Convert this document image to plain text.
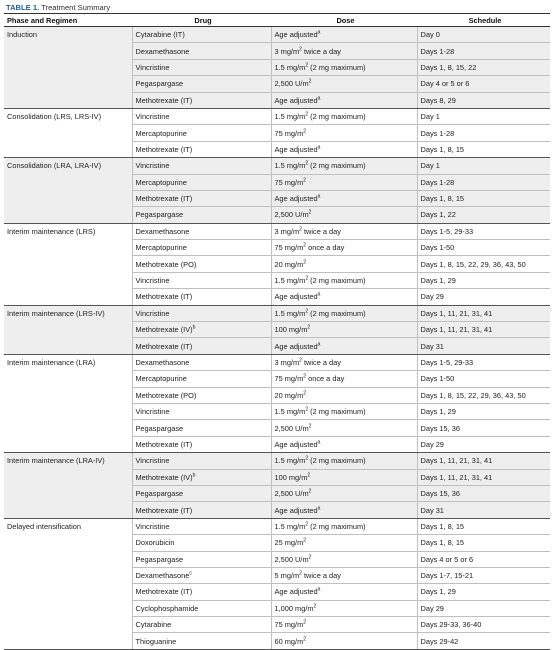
TABLE 1. Treatment Summary
Phase and Regimen	Drug	Dose	Schedule
Induction	Cytarabine (IT)	Age adjusted$^a$	Day 0
	Dexamethasone	3 $mg/m^2$ twice a day	Days 1-28
	Vincristine	1.5 $mg/m^2$ (2 mg maximum)	Days 1, 8, 15, 22
	Pegaspargase	2,500 $U/m^2$	Day 4 or 5 or 6
	Methotrexate (IT)	Age adjusted$^a$	Days 8, 29
Consolidation (LRS, LRS-IV)	Vincristine	1.5 $mg/m^2$ (2 mg maximum)	Day 1
	Mercaptopurine	75 $mg/m^2$	Days 1-28
	Methotrexate (IT)	Age adjusted$^a$	Days 1, 8, 15
Consolidation (LRA, LRA-IV)	Vincristine	1.5 $mg/m^2$ (2 mg maximum)	Day 1
	Mercaptopurine	75 $mg/m^2$	Days 1-28
	Methotrexate (IT)	Age adjusted$^a$	Days 1, 8, 15
	Pegaspargase	2,500 $U/m^2$	Days 1, 22
Interim maintenance (LRS)	Dexamethasone	3 $mg/m^2$ twice a day	Days 1-5, 29-33
	Mercaptopurine	75 $mg/m^2$ once a day	Days 1-50
	Methotrexate (PO)	20 $mg/m^2$	Days 1, 8, 15, 22, 29, 36, 43, 50
	Vincristine	1.5 $mg/m^2$ (2 mg maximum)	Days 1, 29
	Methotrexate (IT)	Age adjusted$^a$	Day 29
Interim maintenance (LRS-IV)	Vincristine	1.5 $mg/m^2$ (2 mg maximum)	Days 1, 11, 21, 31, 41
	Methotrexate (IV)$^b$	100 $mg/m^2$	Days 1, 11, 21, 31, 41
	Methotrexate (IT)	Age adjusted$^a$	Day 31
Interim maintenance (LRA)	Dexamethasone	3 $mg/m^2$ twice a day	Days 1-5, 29-33
	Mercaptopurine	75 $mg/m^2$ once a day	Days 1-50
	Methotrexate (PO)	20 $mg/m^2$	Days 1, 8, 15, 22, 29, 36, 43, 50
	Vincristine	1.5 $mg/m^2$ (2 mg maximum)	Days 1, 29
	Pegaspargase	2,500 $U/m^2$	Days 15, 36
	Methotrexate (IT)	Age adjusted$^a$	Day 29
Interim maintenance (LRA-IV)	Vincristine	1.5 $mg/m^2$ (2 mg maximum)	Days 1, 11, 21, 31, 41
	Methotrexate (IV)$^b$	100 $mg/m^2$	Days 1, 11, 21, 31, 41
	Pegaspargase	2,500 $U/m^2$	Days 15, 36
	Methotrexate (IT)	Age adjusted$^a$	Day 31
Delayed intensification	Vincristine	1.5 $mg/m^2$ (2 mg maximum)	Days 1, 8, 15
	Doxorubicin	25 $mg/m^2$	Days 1, 8, 15
	Pegaspargase	2,500 $U/m^2$	Days 4 or 5 or 6
	Dexamethasone$^c$	5 $mg/m^2$ twice a day	Days 1-7, 15-21
	Methotrexate (IT)	Age adjusted$^a$	Days 1, 29
	Cyclophosphamide	1,000 $mg/m^2$	Day 29
	Cytarabine	75 $mg/m^2$	Days 29-33, 36-40
	Thioguanine	60 $mg/m^2$	Days 29-42
